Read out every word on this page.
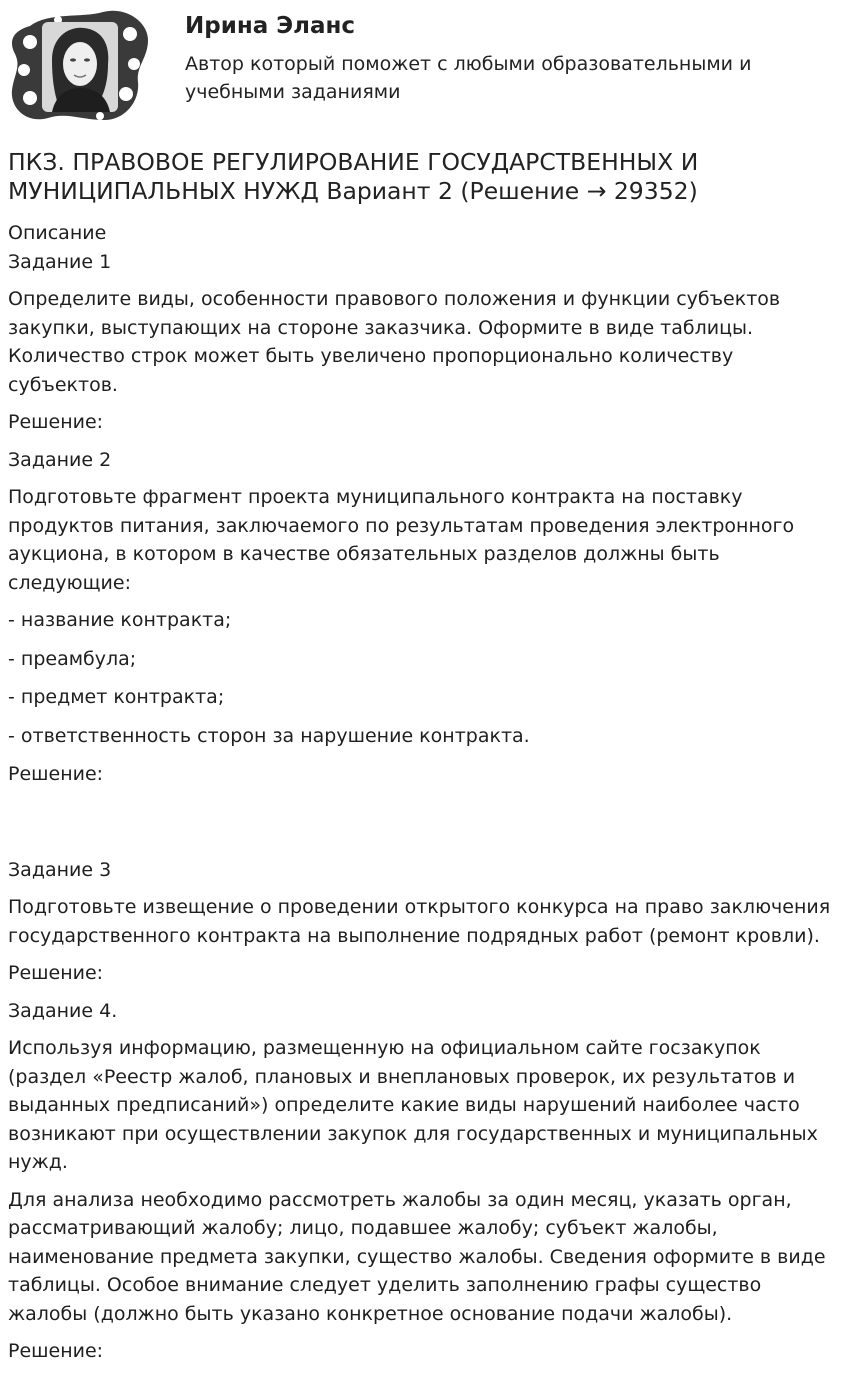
Ирина Эланс
Автор который поможет с любыми образовательными и учебными заданиями
ПКЗ. ПРАВОВОЕ РЕГУЛИРОВАНИЕ ГОСУДАРСТВЕННЫХ И МУНИЦИПАЛЬНЫХ НУЖД Вариант 2 (Решение → 29352)

Описание

Задание 1

Определите виды, особенности правового положения и функции субъектов закупки, выступающих на стороне заказчика. Оформите в виде таблицы. Количество строк может быть увеличено пропорционально количеству субъектов.

Решение:

Задание 2

Подготовьте фрагмент проекта муниципального контракта на поставку продуктов питания, заключаемого по результатам проведения электронного аукциона, в котором в качестве обязательных разделов должны быть следующие:

- название контракта;

- преамбула;

- предмет контракта;

- ответственность сторон за нарушение контракта.

Решение:

Задание 3

Подготовьте извещение о проведении открытого конкурса на право заключения государственного контракта на выполнение подрядных работ (ремонт кровли).

Решение:

Задание 4.

Используя информацию, размещенную на официальном сайте госзакупок (раздел «Реестр жалоб, плановых и внеплановых проверок, их результатов и выданных предписаний») определите какие виды нарушений наиболее часто возникают при осуществлении закупок для государственных и муниципальных нужд.

Для анализа необходимо рассмотреть жалобы за один месяц, указать орган, рассматривающий жалобу; лицо, подавшее жалобу; субъект жалобы, наименование предмета закупки, существо жалобы. Сведения оформите в виде таблицы. Особое внимание следует уделить заполнению графы существо жалобы (должно быть указано конкретное основание подачи жалобы).

Решение:
